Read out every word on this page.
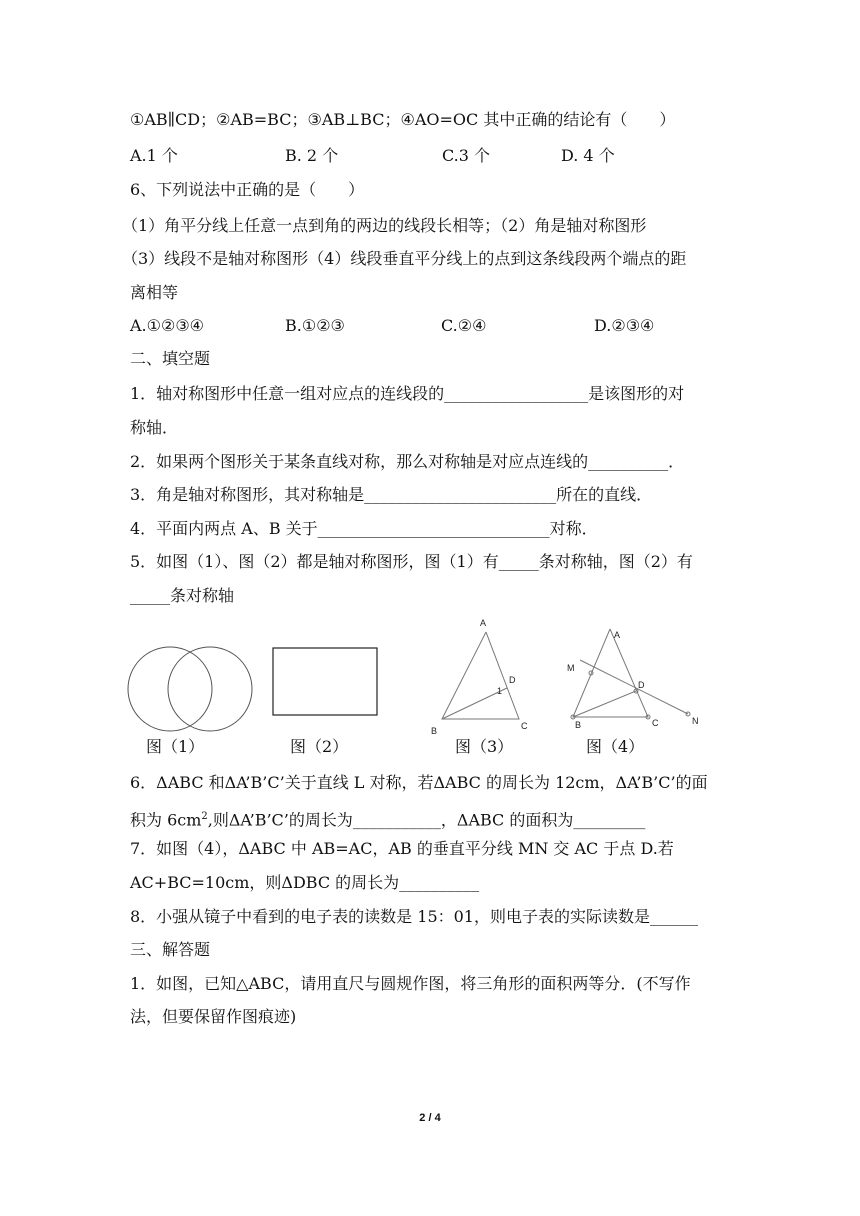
①AB∥CD；②AB=BC；③AB⊥BC；④AO=OC 其中正确的结论有（　　）
A.1 个	B. 2 个	C.3 个	D. 4 个
6、下列说法中正确的是（　　）
（1）角平分线上任意一点到角的两边的线段长相等；（2）角是轴对称图形
（3）线段不是轴对称图形（4）线段垂直平分线上的点到这条线段两个端点的距
离相等
A.①②③④	B.①②③	C.②④	D.②③④
二、填空题
1．轴对称图形中任意一组对应点的连线段的__________________是该图形的对
称轴．
2．如果两个图形关于某条直线对称，那么对称轴是对应点连线的__________．
3．角是轴对称图形，其对称轴是________________________所在的直线．
4．平面内两点 A、B 关于_____________________________对称．
5．如图（1）、图（2）都是轴对称图形，图（1）有_____条对称轴，图（2）有
_____条对称轴
A
B	C
D
1
A
M
D
B	C	N
图（1）	图（2）	图（3）	图（4）
6．ΔABC 和ΔA’B’C’关于直线 L 对称，若ΔABC 的周长为 12cm，ΔA’B’C’的面
积为 $6cm^2$,则ΔA’B’C’的周长为___________，ΔABC 的面积为_________
7．如图（4），ΔABC 中 AB=AC，AB 的垂直平分线 MN 交 AC 于点 D.若
AC+BC=10cm，则ΔDBC 的周长为__________
8．小强从镜子中看到的电子表的读数是 15：01，则电子表的实际读数是______
三、解答题
1．如图，已知△ABC，请用直尺与圆规作图，将三角形的面积两等分．(不写作
法，但要保留作图痕迹)
2 / 4
